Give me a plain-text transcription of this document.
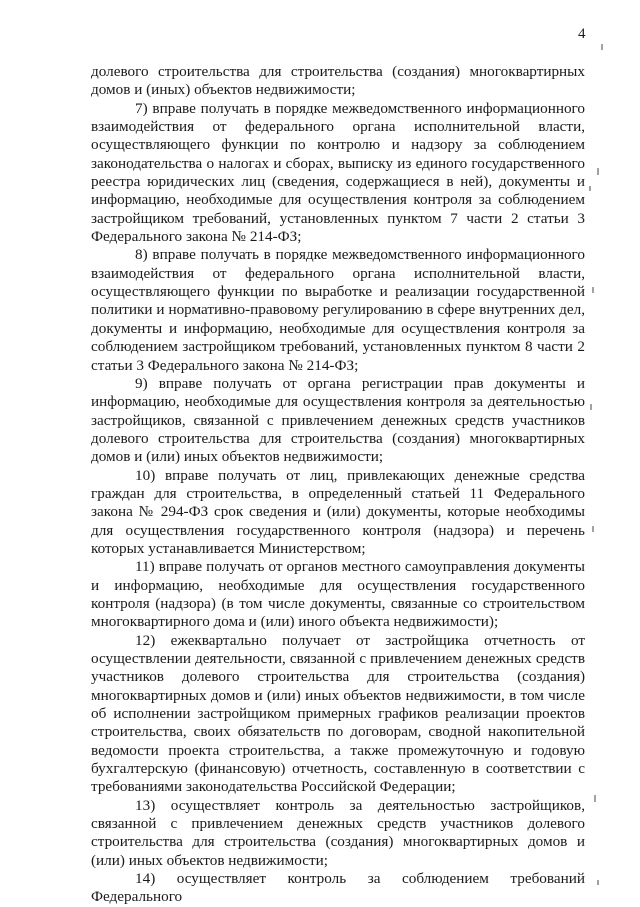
4

долевого строительства для строительства (создания) многоквартирных домов и (иных) объектов недвижимости;

7) вправе получать в порядке межведомственного информационного взаимодействия от федерального органа исполнительной власти, осуществляющего функции по контролю и надзору за соблюдением законодательства о налогах и сборах, выписку из единого государственного реестра юридических лиц (сведения, содержащиеся в ней), документы и информацию, необходимые для осуществления контроля за соблюдением застройщиком требований, установленных пунктом 7 части 2 статьи 3 Федерального закона № 214-ФЗ;

8) вправе получать в порядке межведомственного информационного взаимодействия от федерального органа исполнительной власти, осуществляющего функции по выработке и реализации государственной политики и нормативно-правовому регулированию в сфере внутренних дел, документы и информацию, необходимые для осуществления контроля за соблюдением застройщиком требований, установленных пунктом 8 части 2 статьи 3 Федерального закона № 214-ФЗ;

9) вправе получать от органа регистрации прав документы и информацию, необходимые для осуществления контроля за деятельностью застройщиков, связанной с привлечением денежных средств участников долевого строительства для строительства (создания) многоквартирных домов и (или) иных объектов недвижимости;

10) вправе получать от лиц, привлекающих денежные средства граждан для строительства, в определенный статьей 11 Федерального закона № 294-ФЗ срок сведения и (или) документы, которые необходимы для осуществления государственного контроля (надзора) и перечень которых устанавливается Министерством;

11) вправе получать от органов местного самоуправления документы и информацию, необходимые для осуществления государственного контроля (надзора) (в том числе документы, связанные со строительством многоквартирного дома и (или) иного объекта недвижимости);

12) ежеквартально получает от застройщика отчетность от осуществлении деятельности, связанной с привлечением денежных средств участников долевого строительства для строительства (создания) многоквартирных домов и (или) иных объектов недвижимости, в том числе об исполнении застройщиком примерных графиков реализации проектов строительства, своих обязательств по договорам, сводной накопительной ведомости проекта строительства, а также промежуточную и годовую бухгалтерскую (финансовую) отчетность, составленную в соответствии с требованиями законодательства Российской Федерации;

13) осуществляет контроль за деятельностью застройщиков, связанной с привлечением денежных средств участников долевого строительства для строительства (создания) многоквартирных домов и (или) иных объектов недвижимости;

14) осуществляет контроль за соблюдением требований Федерального
